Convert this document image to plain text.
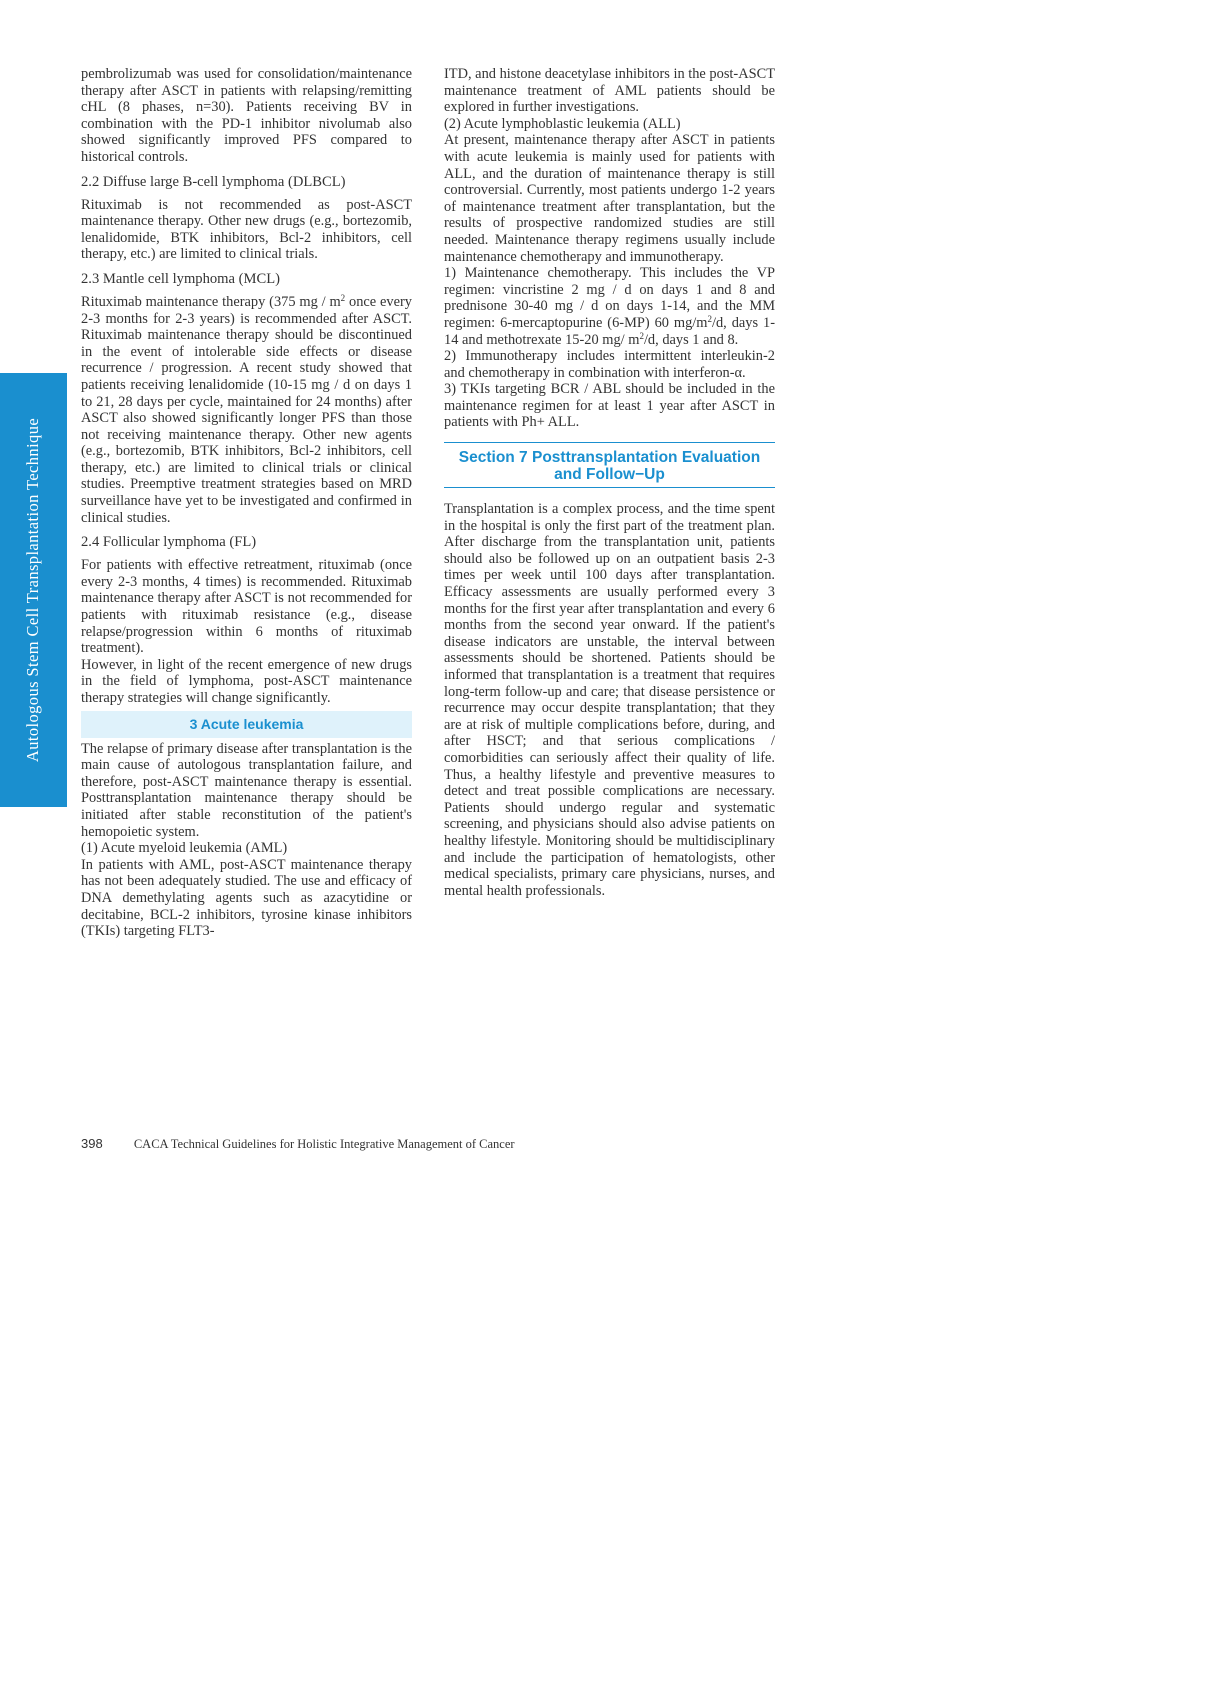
Autologous Stem Cell Transplantation Technique

pembrolizumab was used for consolidation/maintenance therapy after ASCT in patients with relapsing/remitting cHL (8 phases, n=30). Patients receiving BV in combination with the PD-1 inhibitor nivolumab also showed significantly improved PFS compared to historical controls.

2.2 Diffuse large B-cell lymphoma (DLBCL)

Rituximab is not recommended as post-ASCT maintenance therapy. Other new drugs (e.g., bortezomib, lenalidomide, BTK inhibitors, Bcl-2 inhibitors, cell therapy, etc.) are limited to clinical trials.

2.3 Mantle cell lymphoma (MCL)

Rituximab maintenance therapy (375 mg / $m^2$ once every 2-3 months for 2-3 years) is recommended after ASCT. Rituximab maintenance therapy should be discontinued in the event of intolerable side effects or disease recurrence / progression. A recent study showed that patients receiving lenalidomide (10-15 mg / d on days 1 to 21, 28 days per cycle, maintained for 24 months) after ASCT also showed significantly longer PFS than those not receiving maintenance therapy. Other new agents (e.g., bortezomib, BTK inhibitors, Bcl-2 inhibitors, cell therapy, etc.) are limited to clinical trials or clinical studies. Preemptive treatment strategies based on MRD surveillance have yet to be investigated and confirmed in clinical studies.

2.4 Follicular lymphoma (FL)

For patients with effective retreatment, rituximab (once every 2-3 months, 4 times) is recommended. Rituximab maintenance therapy after ASCT is not recommended for patients with rituximab resistance (e.g., disease relapse/progression within 6 months of rituximab treatment).

However, in light of the recent emergence of new drugs in the field of lymphoma, post-ASCT maintenance therapy strategies will change significantly.

3 Acute leukemia

The relapse of primary disease after transplantation is the main cause of autologous transplantation failure, and therefore, post-ASCT maintenance therapy is essential. Posttransplantation maintenance therapy should be initiated after stable reconstitution of the patient's hemopoietic system.

(1) Acute myeloid leukemia (AML)

In patients with AML, post-ASCT maintenance therapy has not been adequately studied. The use and efficacy of DNA demethylating agents such as azacytidine or decitabine, BCL-2 inhibitors, tyrosine kinase inhibitors (TKIs) targeting FLT3-

ITD, and histone deacetylase inhibitors in the post-ASCT maintenance treatment of AML patients should be explored in further investigations.

(2) Acute lymphoblastic leukemia (ALL)

At present, maintenance therapy after ASCT in patients with acute leukemia is mainly used for patients with ALL, and the duration of maintenance therapy is still controversial. Currently, most patients undergo 1-2 years of maintenance treatment after transplantation, but the results of prospective randomized studies are still needed. Maintenance therapy regimens usually include maintenance chemotherapy and immunotherapy.

1) Maintenance chemotherapy. This includes the VP regimen: vincristine 2 mg / d on days 1 and 8 and prednisone 30-40 mg / d on days 1-14, and the MM regimen: 6-mercaptopurine (6-MP) 60 $mg/m^2/d$, days 1-14 and methotrexate 15-20 mg/ $m^2/d$, days 1 and 8.

2) Immunotherapy includes intermittent interleukin-2 and chemotherapy in combination with interferon-α.

3) TKIs targeting BCR / ABL should be included in the maintenance regimen for at least 1 year after ASCT in patients with Ph+ ALL.

Section 7 Posttransplantation Evaluation
and Follow−Up

Transplantation is a complex process, and the time spent in the hospital is only the first part of the treatment plan. After discharge from the transplantation unit, patients should also be followed up on an outpatient basis 2-3 times per week until 100 days after transplantation. Efficacy assessments are usually performed every 3 months for the first year after transplantation and every 6 months from the second year onward. If the patient's disease indicators are unstable, the interval between assessments should be shortened. Patients should be informed that transplantation is a treatment that requires long-term follow-up and care; that disease persistence or recurrence may occur despite transplantation; that they are at risk of multiple complications before, during, and after HSCT; and that serious complications / comorbidities can seriously affect their quality of life. Thus, a healthy lifestyle and preventive measures to detect and treat possible complications are necessary. Patients should undergo regular and systematic screening, and physicians should also advise patients on healthy lifestyle. Monitoring should be multidisciplinary and include the participation of hematologists, other medical specialists, primary care physicians, nurses, and mental health professionals.

398 CACA Technical Guidelines for Holistic Integrative Management of Cancer
